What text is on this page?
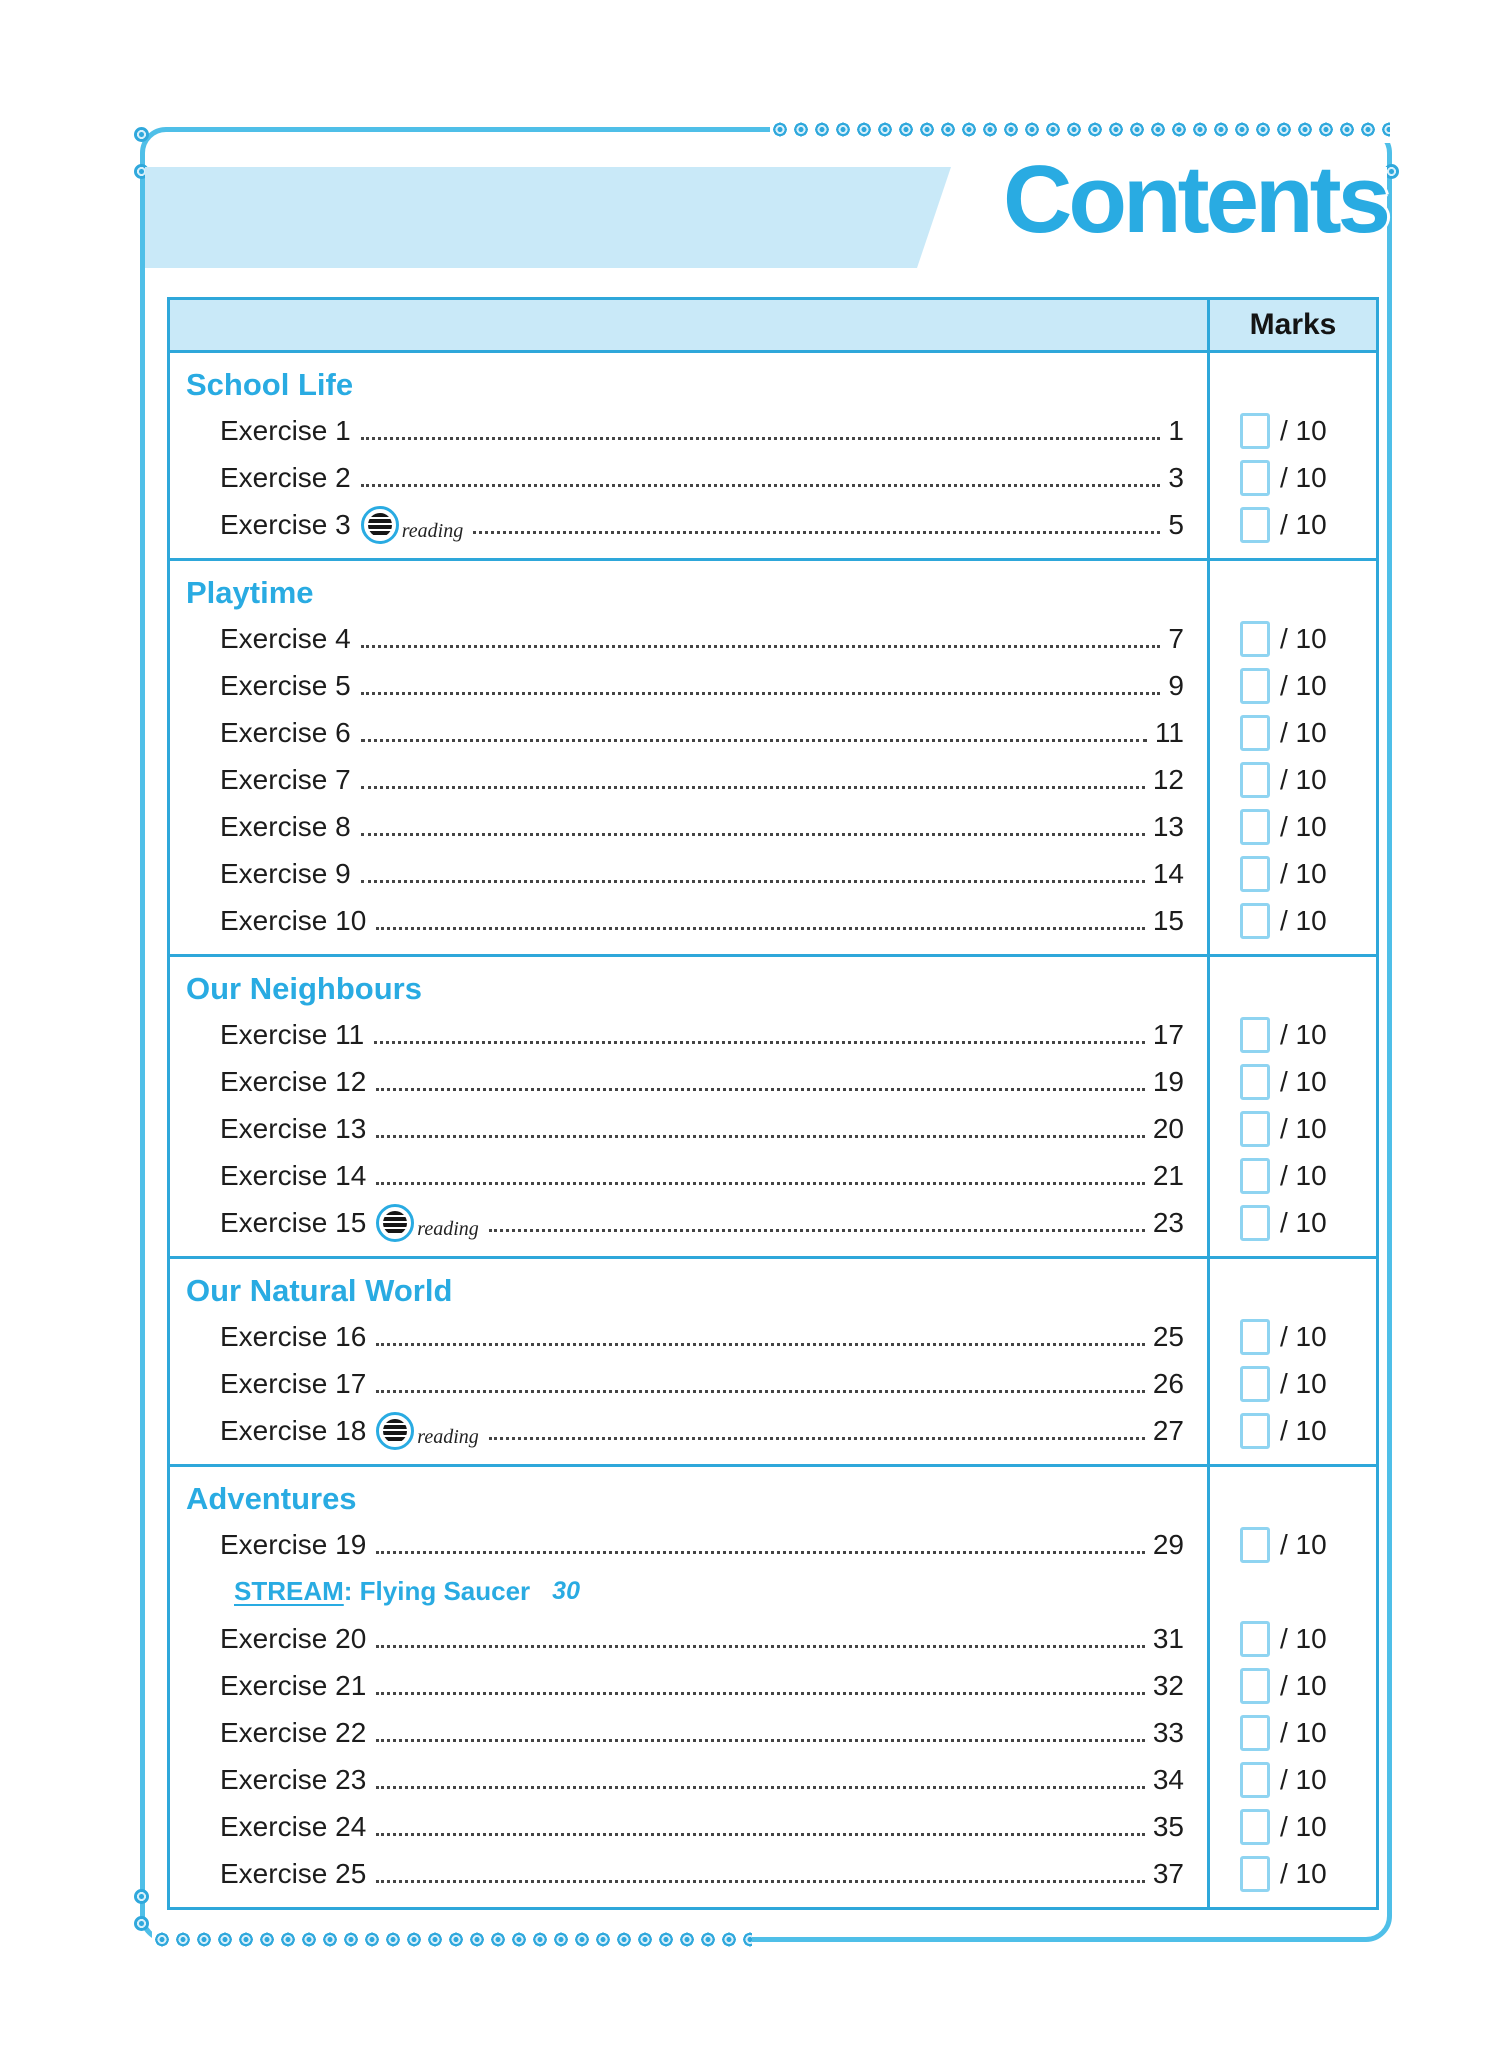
Contents
Marks
School Life
Exercise 1	1	/ 10
Exercise 2	3	/ 10
Exercise 3	reading	5	/ 10
Playtime
Exercise 4	7	/ 10
Exercise 5	9	/ 10
Exercise 6	11	/ 10
Exercise 7	12	/ 10
Exercise 8	13	/ 10
Exercise 9	14	/ 10
Exercise 10	15	/ 10
Our Neighbours
Exercise 11	17	/ 10
Exercise 12	19	/ 10
Exercise 13	20	/ 10
Exercise 14	21	/ 10
Exercise 15	reading	23	/ 10
Our Natural World
Exercise 16	25	/ 10
Exercise 17	26	/ 10
Exercise 18	reading	27	/ 10
Adventures
Exercise 19	29	/ 10
STREAM : Flying Saucer 30
Exercise 20	31	/ 10
Exercise 21	32	/ 10
Exercise 22	33	/ 10
Exercise 23	34	/ 10
Exercise 24	35	/ 10
Exercise 25	37	/ 10
